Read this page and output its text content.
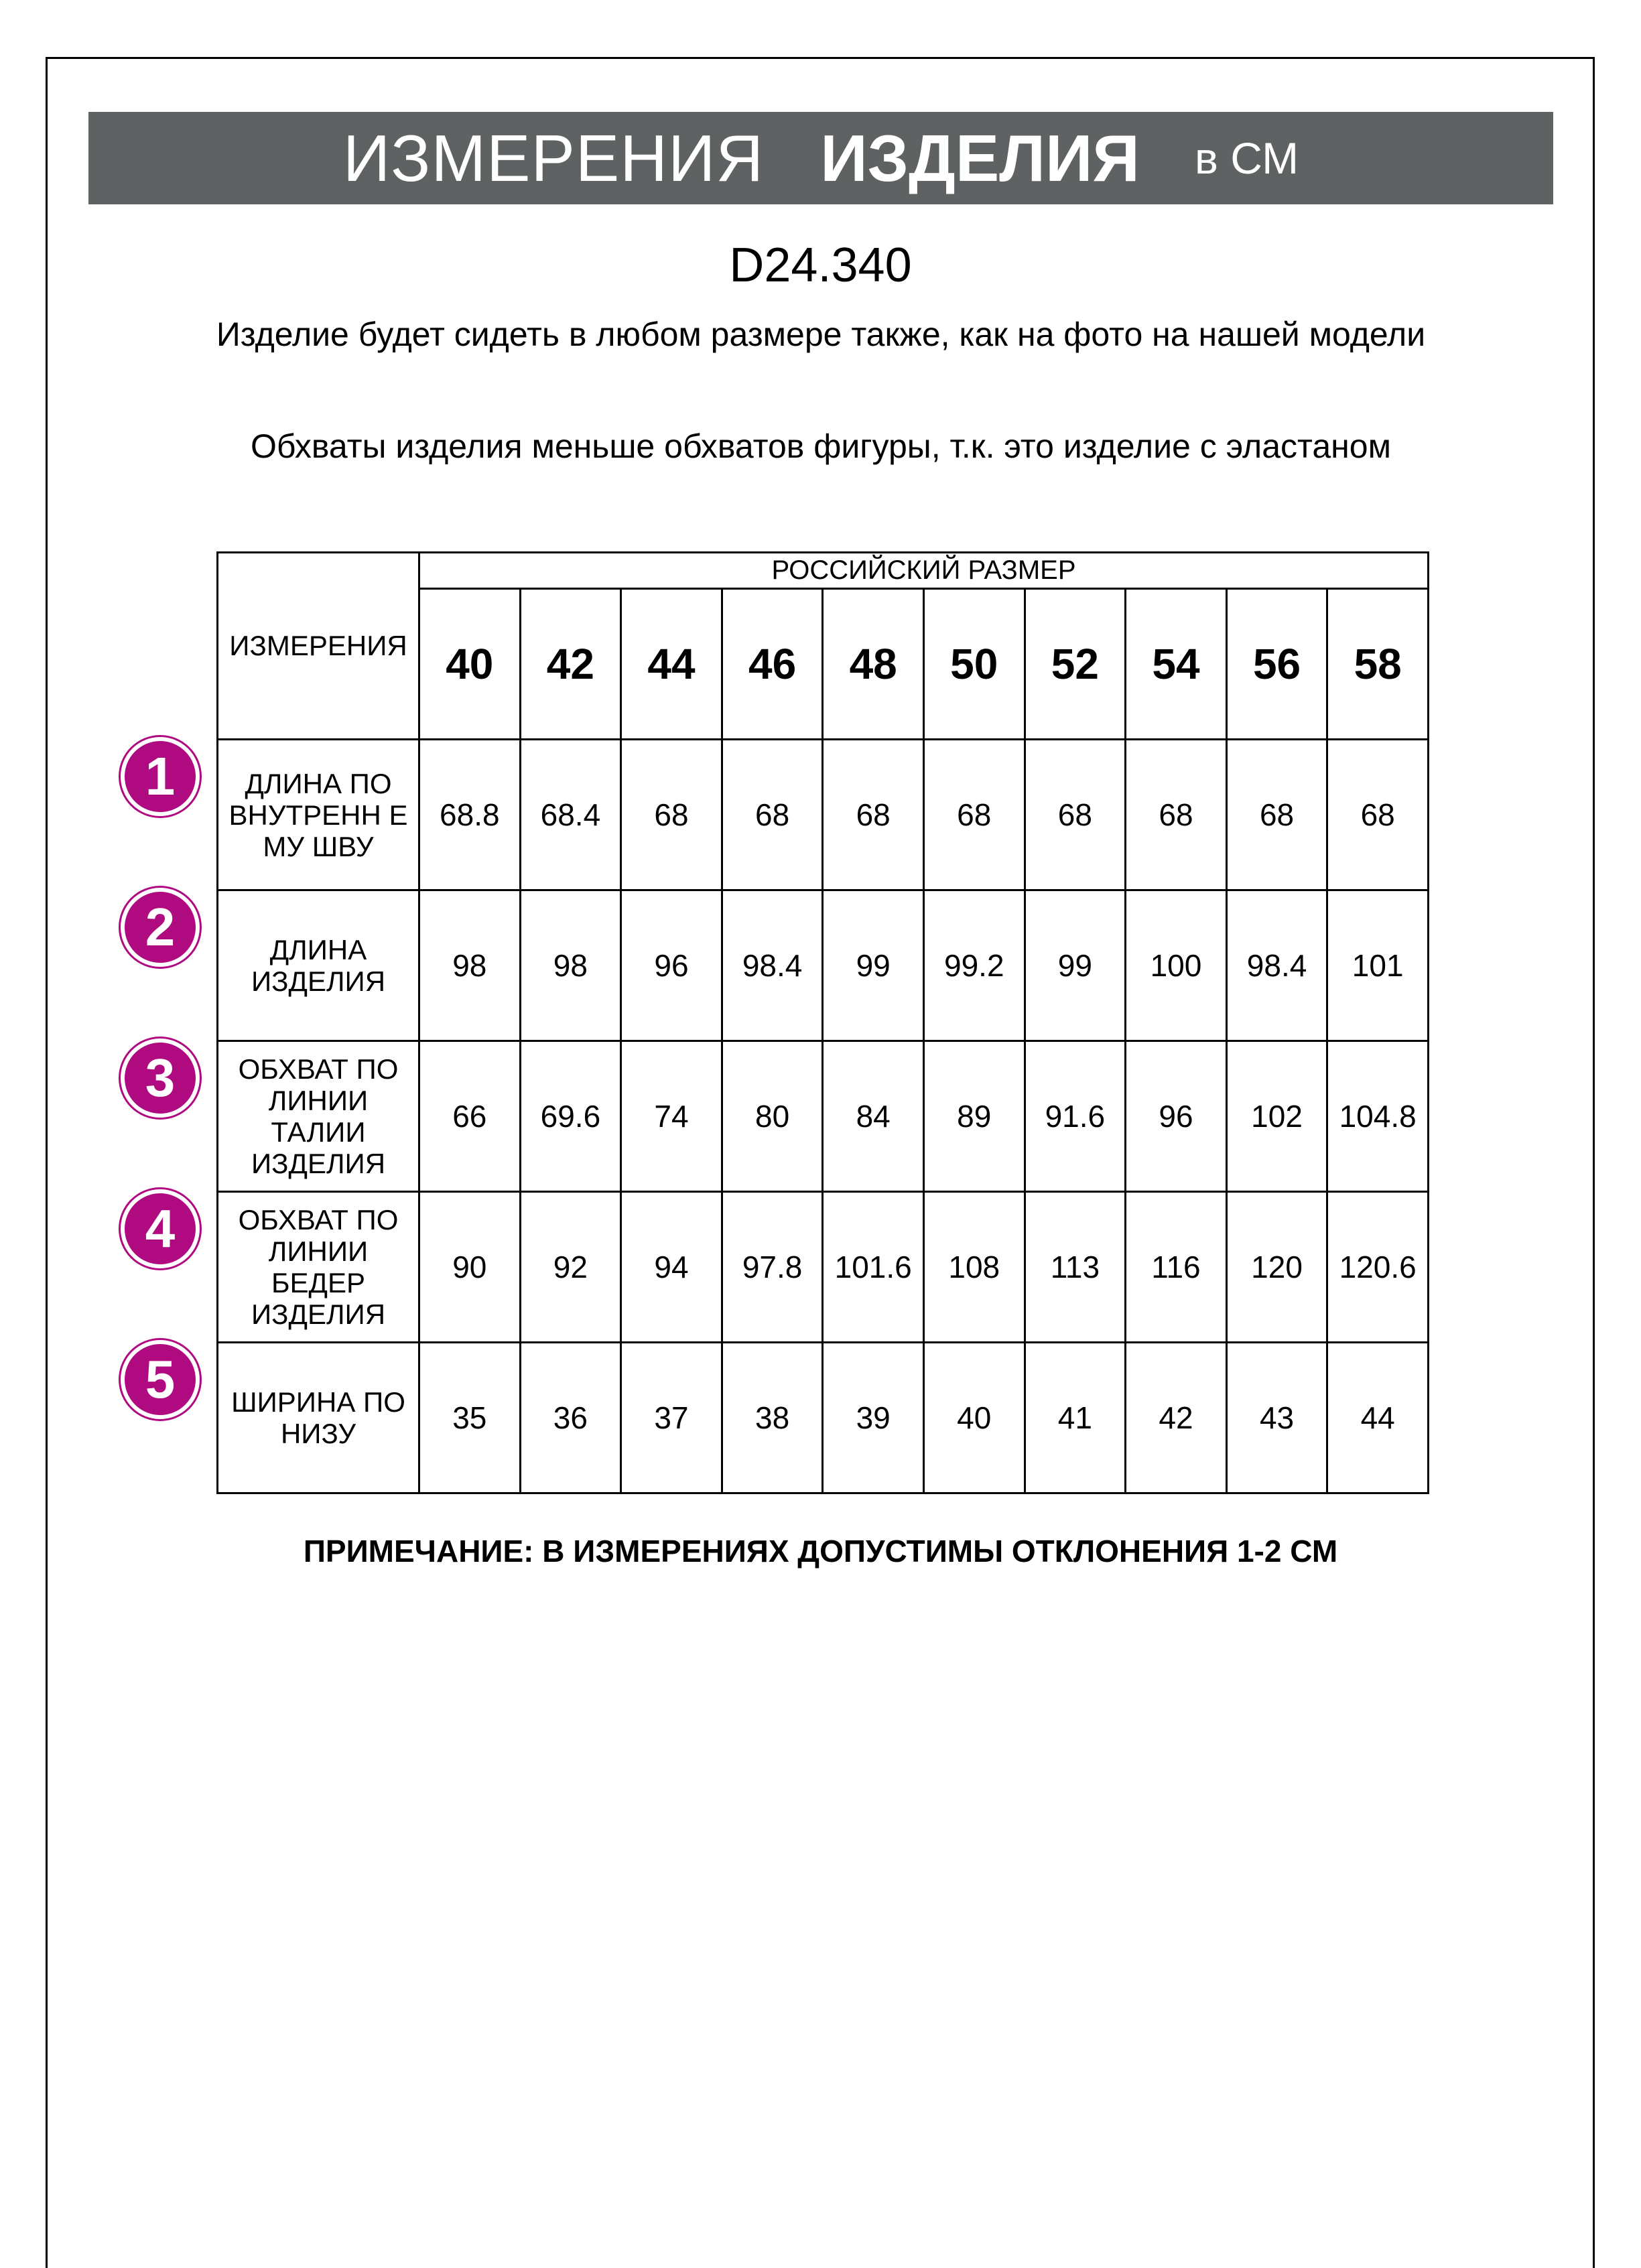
ИЗМЕРЕНИЯ ИЗДЕЛИЯ в СМ
D24.340
Изделие будет сидеть в любом размере также, как на фото на нашей модели
Обхваты изделия меньше обхватов фигуры, т.к. это изделие с эластаном
ИЗМЕРЕНИЯ	РОССИЙСКИЙ РАЗМЕР									
	40	42	44	46	48	50	52	54	56	58
ДЛИНА ПО ВНУТРЕНН Е МУ ШВУ	68.8	68.4	68	68	68	68	68	68	68	68
ДЛИНА ИЗДЕЛИЯ	98	98	96	98.4	99	99.2	99	100	98.4	101
ОБХВАТ ПО ЛИНИИ ТАЛИИ ИЗДЕЛИЯ	66	69.6	74	80	84	89	91.6	96	102	104.8
ОБХВАТ ПО ЛИНИИ БЕДЕР ИЗДЕЛИЯ	90	92	94	97.8	101.6	108	113	116	120	120.6
ШИРИНА ПО НИЗУ	35	36	37	38	39	40	41	42	43	44
1
2
3
4
5
ПРИМЕЧАНИЕ: В ИЗМЕРЕНИЯХ ДОПУСТИМЫ ОТКЛОНЕНИЯ 1-2 СМ
